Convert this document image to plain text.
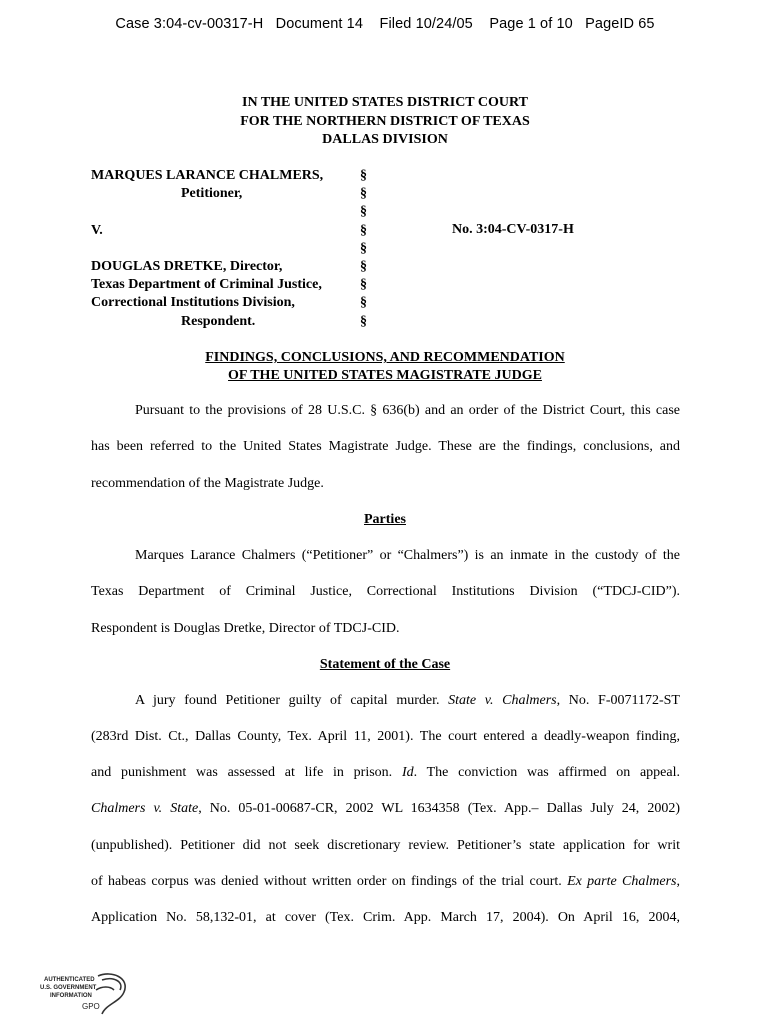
Case 3:04-cv-00317-H   Document 14    Filed 10/24/05    Page 1 of 10   PageID 65
IN THE UNITED STATES DISTRICT COURT
FOR THE NORTHERN DISTRICT OF TEXAS
DALLAS DIVISION
MARQUES LARANCE CHALMERS,
Petitioner,

V.

DOUGLAS DRETKE, Director,
Texas Department of Criminal Justice,
Correctional Institutions Division,
Respondent.
§
§
§
§
§
§
§
§
§
No. 3:04-CV-0317-H
FINDINGS, CONCLUSIONS, AND RECOMMENDATION
OF THE UNITED STATES MAGISTRATE JUDGE
Pursuant to the provisions of 28 U.S.C. § 636(b) and an order of the District Court, this case
has been referred to the United States Magistrate Judge. These are the findings, conclusions, and
recommendation of the Magistrate Judge.
Parties
Marques Larance Chalmers (“Petitioner” or “Chalmers”) is an inmate in the custody of the
Texas Department of Criminal Justice, Correctional Institutions Division (“TDCJ-CID”).
Respondent is Douglas Dretke, Director of TDCJ-CID.
Statement of the Case
A jury found Petitioner guilty of capital murder. State v. Chalmers, No. F-0071172-ST
(283rd Dist. Ct., Dallas County, Tex. April 11, 2001). The court entered a deadly-weapon finding,
and punishment was assessed at life in prison. Id. The conviction was affirmed on appeal.
Chalmers v. State, No. 05-01-00687-CR, 2002 WL 1634358 (Tex. App.– Dallas July 24, 2002)
(unpublished). Petitioner did not seek discretionary review. Petitioner’s state application for writ
of habeas corpus was denied without written order on findings of the trial court. Ex parte Chalmers,
Application No. 58,132-01, at cover (Tex. Crim. App. March 17, 2004). On April 16, 2004,
AUTHENTICATED
U.S. GOVERNMENT
INFORMATION
GPO
